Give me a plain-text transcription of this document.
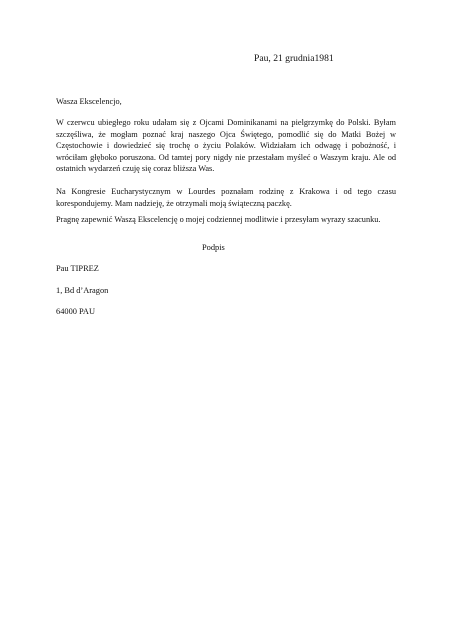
Pau, 21 grudnia1981
Wasza Ekscelencjo,
W czerwcu ubiegłego roku udałam się z Ojcami Dominikanami na pielgrzymkę do Polski. Byłam szczęśliwa, że mogłam poznać kraj naszego Ojca Świętego, pomodlić się do Matki Bożej w Częstochowie i dowiedzieć się trochę o życiu Polaków. Widziałam ich odwagę i pobożność, i wróciłam głęboko poruszona. Od tamtej pory nigdy nie przestałam myśleć o Waszym kraju. Ale od ostatnich wydarzeń czuję się coraz bliższa Was.
Na Kongresie Eucharystycznym w Lourdes poznałam rodzinę z Krakowa i od tego czasu korespondujemy. Mam nadzieję, że otrzymali moją świąteczną paczkę.
Pragnę zapewnić Waszą Ekscelencję o mojej codziennej modlitwie i przesyłam wyrazy szacunku.
Podpis
Pau TIPREZ
1, Bd d’Aragon
64000 PAU
